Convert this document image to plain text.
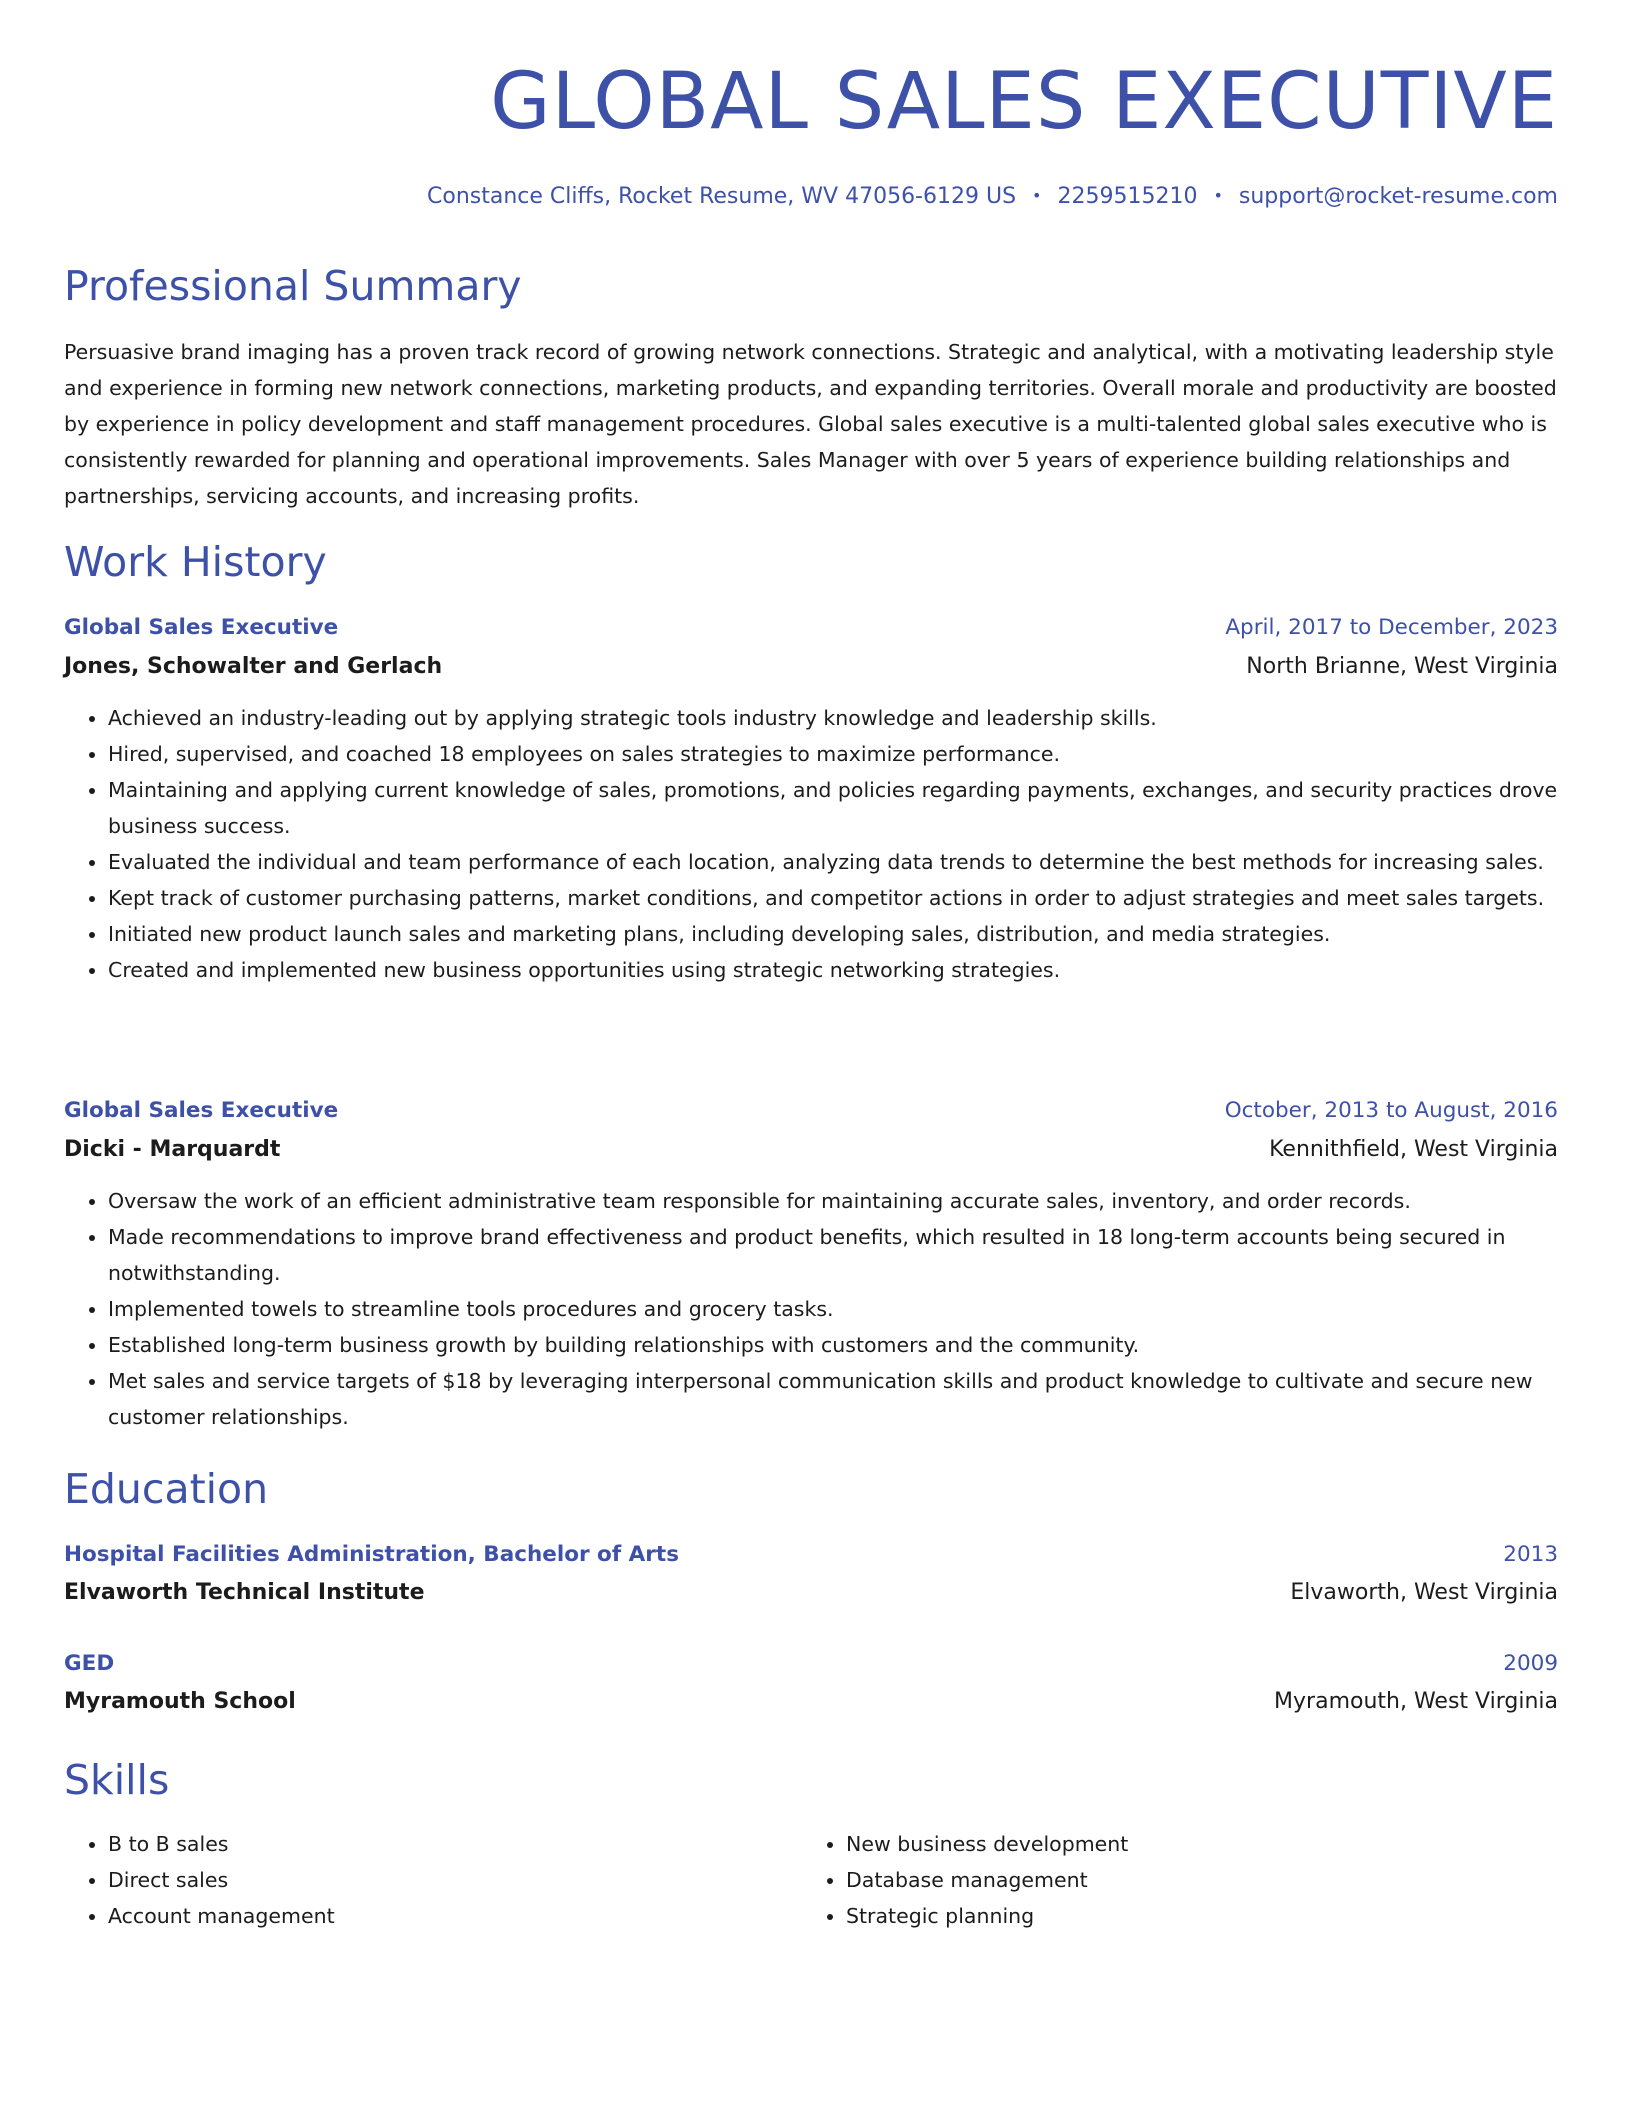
GLOBAL SALES EXECUTIVE
Constance Cliffs, Rocket Resume, WV 47056-6129 US • 2259515210 • support@rocket-resume.com
Professional Summary

Persuasive brand imaging has a proven track record of growing network connections. Strategic and analytical, with a motivating leadership style and experience in forming new network connections, marketing products, and expanding territories. Overall morale and productivity are boosted by experience in policy development and staff management procedures. Global sales executive is a multi-talented global sales executive who is consistently rewarded for planning and operational improvements. Sales Manager with over 5 years of experience building relationships and partnerships, servicing accounts, and increasing profits.

Work History
Global Sales Executive	April, 2017 to December, 2023
Jones, Schowalter and Gerlach	North Brianne, West Virginia
• Achieved an industry-leading out by applying strategic tools industry knowledge and leadership skills.
• Hired, supervised, and coached 18 employees on sales strategies to maximize performance.
• Maintaining and applying current knowledge of sales, promotions, and policies regarding payments, exchanges, and security practices drove business success.
• Evaluated the individual and team performance of each location, analyzing data trends to determine the best methods for increasing sales.
• Kept track of customer purchasing patterns, market conditions, and competitor actions in order to adjust strategies and meet sales targets.
• Initiated new product launch sales and marketing plans, including developing sales, distribution, and media strategies.
• Created and implemented new business opportunities using strategic networking strategies.
Global Sales Executive	October, 2013 to August, 2016
Dicki - Marquardt	Kennithfield, West Virginia
• Oversaw the work of an efficient administrative team responsible for maintaining accurate sales, inventory, and order records.
• Made recommendations to improve brand effectiveness and product benefits, which resulted in 18 long-term accounts being secured in notwithstanding.
• Implemented towels to streamline tools procedures and grocery tasks.
• Established long-term business growth by building relationships with customers and the community.
• Met sales and service targets of $18 by leveraging interpersonal communication skills and product knowledge to cultivate and secure new customer relationships.
Education
Hospital Facilities Administration, Bachelor of Arts	2013
Elvaworth Technical Institute	Elvaworth, West Virginia
GED	2009
Myramouth School	Myramouth, West Virginia
Skills
• B to B sales
• Direct sales
• Account management
• New business development
• Database management
• Strategic planning
